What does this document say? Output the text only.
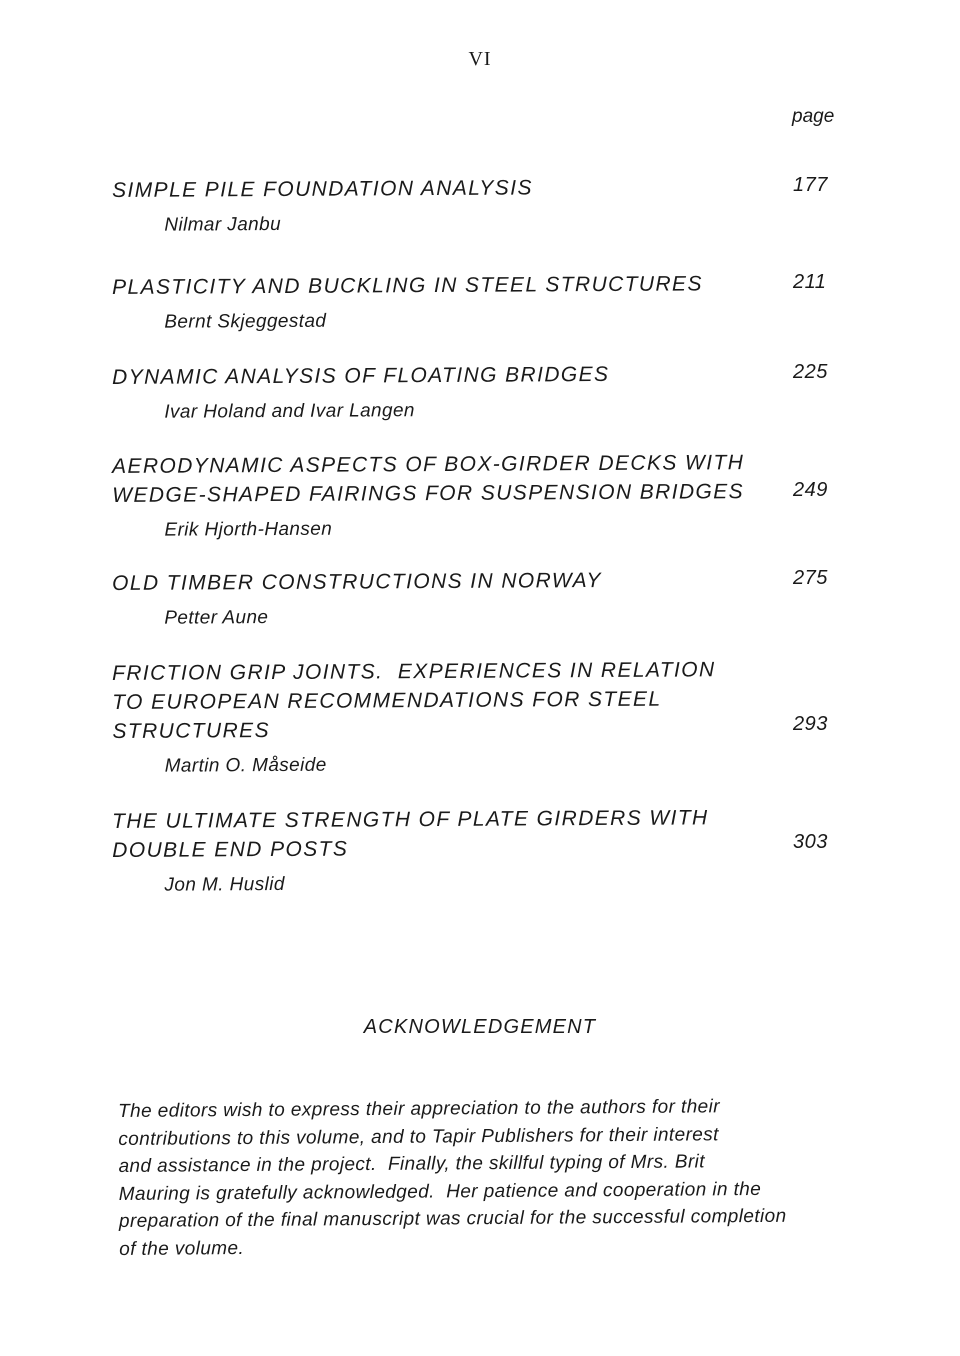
VI
page
SIMPLE PILE FOUNDATION ANALYSIS
Nilmar Janbu
177
PLASTICITY AND BUCKLING IN STEEL STRUCTURES
Bernt Skjeggestad
211
DYNAMIC ANALYSIS OF FLOATING BRIDGES
Ivar Holand and Ivar Langen
225
AERODYNAMIC ASPECTS OF BOX-GIRDER DECKS WITH
WEDGE-SHAPED FAIRINGS FOR SUSPENSION BRIDGES
Erik Hjorth-Hansen
249
OLD TIMBER CONSTRUCTIONS IN NORWAY
Petter Aune
275
FRICTION GRIP JOINTS.  EXPERIENCES IN RELATION
TO EUROPEAN RECOMMENDATIONS FOR STEEL
STRUCTURES
Martin O. Måseide
293
THE ULTIMATE STRENGTH OF PLATE GIRDERS WITH
DOUBLE END POSTS
Jon M. Huslid
303
ACKNOWLEDGEMENT
The editors wish to express their appreciation to the authors for their
contributions to this volume, and to Tapir Publishers for their interest
and assistance in the project.  Finally, the skillful typing of Mrs. Brit
Mauring is gratefully acknowledged.  Her patience and cooperation in the
preparation of the final manuscript was crucial for the successful completion
of the volume.
